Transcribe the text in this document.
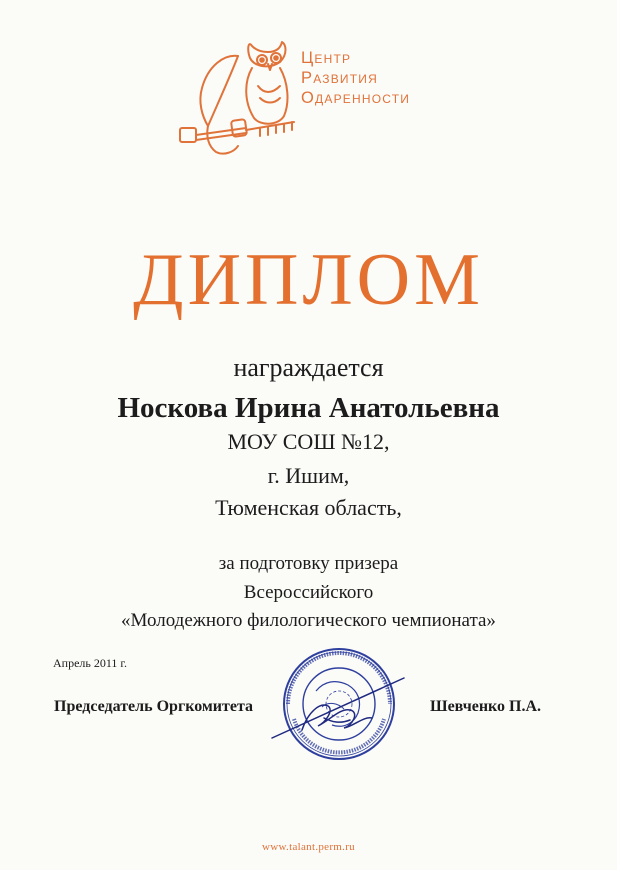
Центр
Развития
Одаренности
ДИПЛОМ
награждается
Носкова Ирина Анатольевна
МОУ СОШ №12,
г. Ишим,
Тюменская область,
за подготовку призера
Всероссийского
«Молодежного филологического чемпионата»
Апрель 2011 г.
Председатель Оргкомитета	Шевченко П.А.
www.talant.perm.ru
